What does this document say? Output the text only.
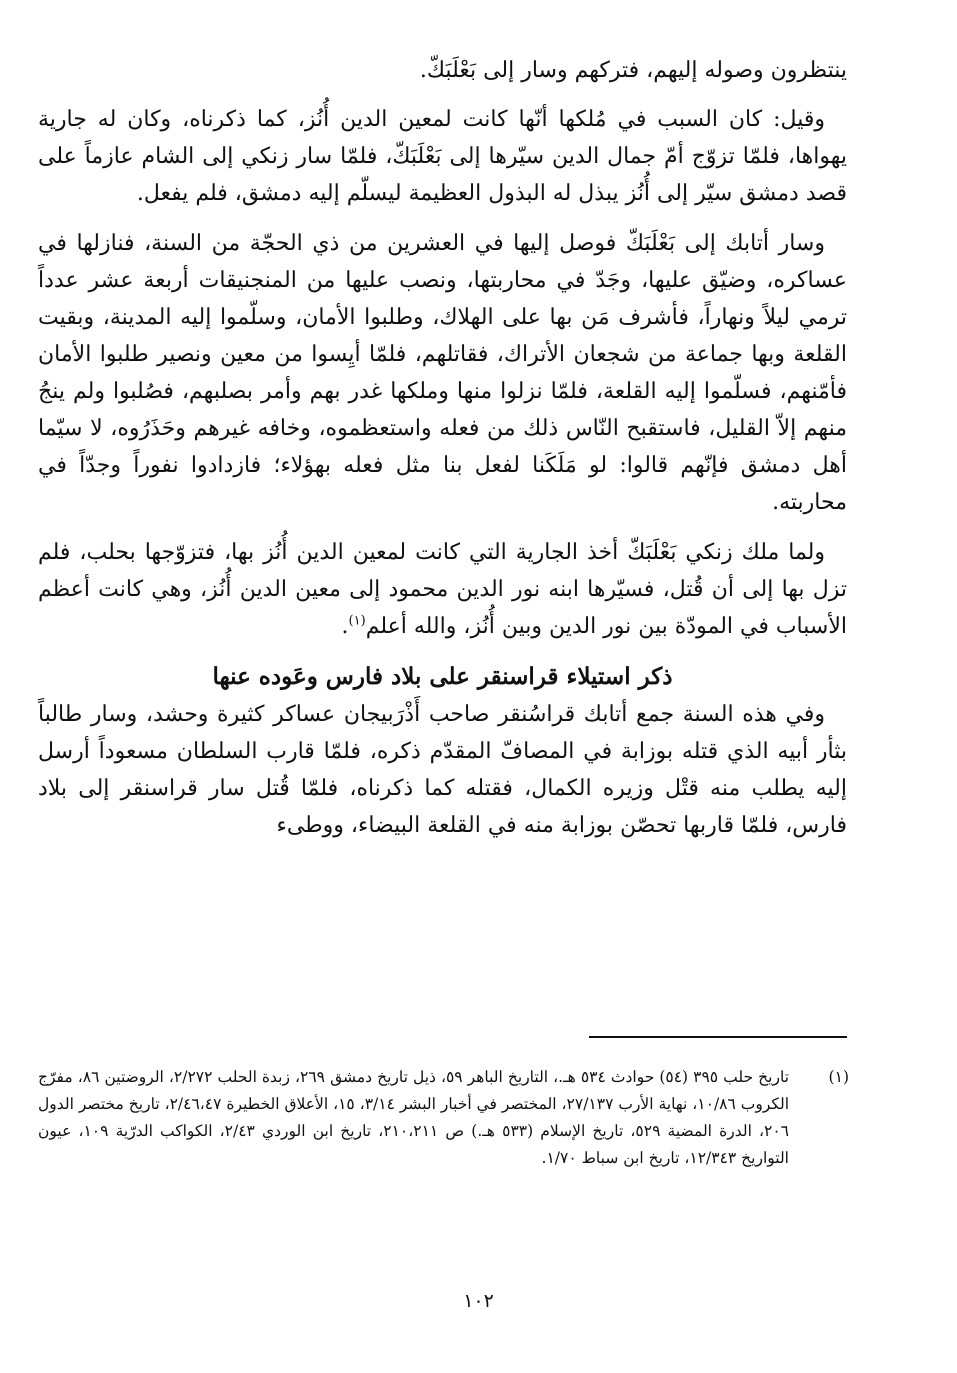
ينتظرون وصوله إليهم، فتركهم وسار إلى بَعْلَبَكّ.

وقيل: كان السبب في مُلكها أنّها كانت لمعين الدين أُنُز، كما ذكرناه، وكان له جارية يهواها، فلمّا تزوّج أمّ جمال الدين سيّرها إلى بَعْلَبَكّ، فلمّا سار زنكي إلى الشام عازماً على قصد دمشق سيّر إلى أُنُز يبذل له البذول العظيمة ليسلّم إليه دمشق، فلم يفعل.

وسار أتابك إلى بَعْلَبَكّ فوصل إليها في العشرين من ذي الحجّة من السنة، فنازلها في عساكره، وضيّق عليها، وجَدّ في محاربتها، ونصب عليها من المنجنيقات أربعة عشر عدداً ترمي ليلاً ونهاراً، فأشرف مَن بها على الهلاك، وطلبوا الأمان، وسلّموا إليه المدينة، وبقيت القلعة وبها جماعة من شجعان الأتراك، فقاتلهم، فلمّا أيِسوا من معين ونصير طلبوا الأمان فأمّنهم، فسلّموا إليه القلعة، فلمّا نزلوا منها وملكها غدر بهم وأمر بصلبهم، فصُلبوا ولم ينجُ منهم إلاّ القليل، فاستقبح النّاس ذلك من فعله واستعظموه، وخافه غيرهم وحَذَرُوه، لا سيّما أهل دمشق فإنّهم قالوا: لو مَلَكَنا لفعل بنا مثل فعله بهؤلاء؛ فازدادوا نفوراً وجدّاً في محاربته.

ولما ملك زنكي بَعْلَبَكّ أخذ الجارية التي كانت لمعين الدين أُنُز بها، فتزوّجها بحلب، فلم تزل بها إلى أن قُتل، فسيّرها ابنه نور الدين محمود إلى معين الدين أُنُز، وهي كانت أعظم الأسباب في المودّة بين نور الدين وبين أُنُز، والله أعلم$^{(١)}$.

ذكر استيلاء قراسنقر على بلاد فارس وعَوده عنها

وفي هذه السنة جمع أتابك قراسُنقر صاحب أَذْرَبيجان عساكر كثيرة وحشد، وسار طالباً بثأر أبيه الذي قتله بوزابة في المصافّ المقدّم ذكره، فلمّا قارب السلطان مسعوداً أرسل إليه يطلب منه قتْل وزيره الكمال، فقتله كما ذكرناه، فلمّا قُتل سار قراسنقر إلى بلاد فارس، فلمّا قاربها تحصّن بوزابة منه في القلعة البيضاء، ووطىء

(١)
تاريخ حلب ٣٩٥ (٥٤) حوادث ٥٣٤ هـ.، التاريخ الباهر ٥٩، ذيل تاريخ دمشق ٢٦٩، زبدة الحلب ٢/٢٧٢، الروضتين ٨٦، مفرّج الكروب ١٠/٨٦، نهاية الأرب ٢٧/١٣٧، المختصر في أخبار البشر ٣/١٤، ١٥، الأعلاق الخطيرة ٢/٤٦،٤٧، تاريخ مختصر الدول ٢٠٦، الدرة المضية ٥٢٩، تاريخ الإسلام (٥٣٣ هـ.) ص ٢١٠،٢١١، تاريخ ابن الوردي ٢/٤٣، الكواكب الدرّية ١٠٩، عيون التواريخ ١٢/٣٤٣، تاريخ ابن سباط ١/٧٠.
١٠٢
